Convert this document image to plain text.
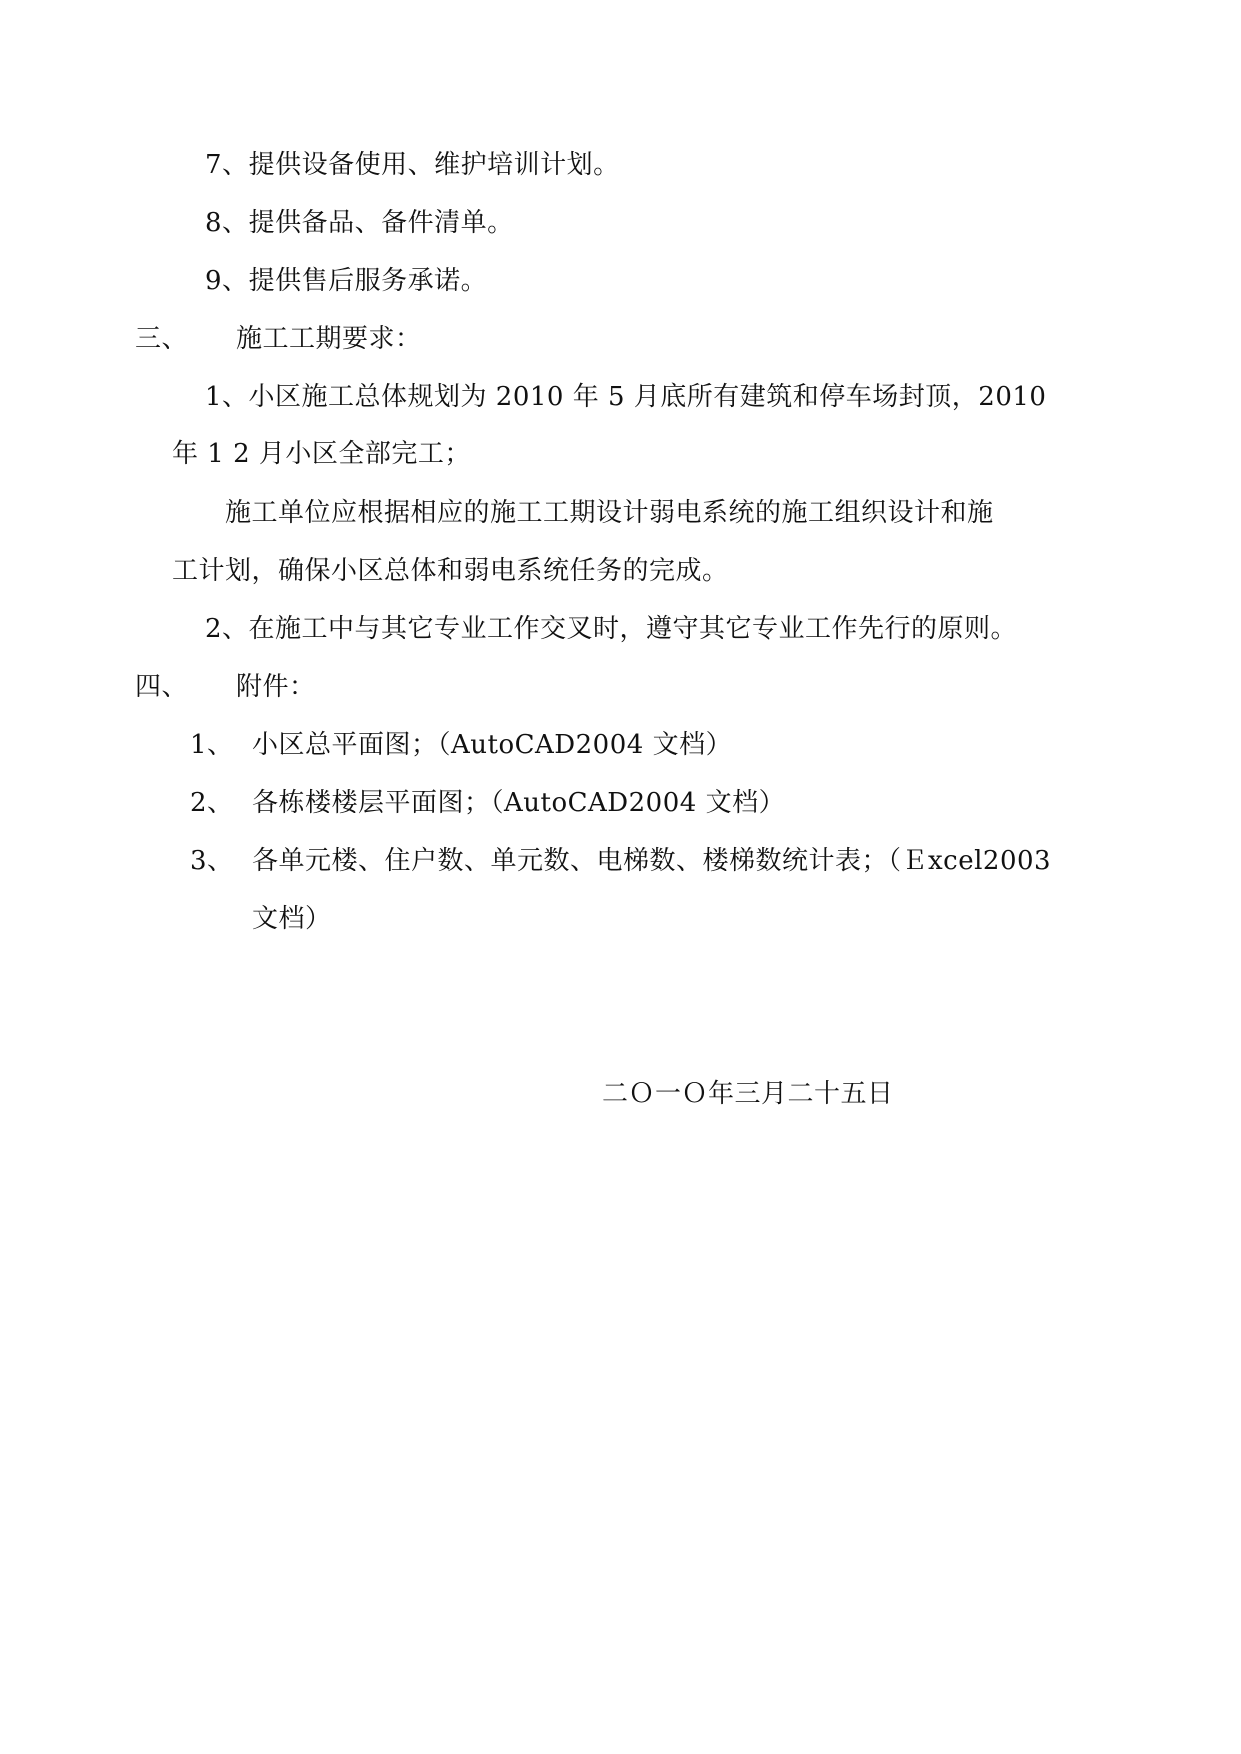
7、提供设备使用、维护培训计划。
8、提供备品、备件清单。
9、提供售后服务承诺。
三、 施工工期要求：
1、小区施工总体规划为 2010 年 5 月底所有建筑和停车场封顶，2010
年 1 2 月小区全部完工；
施工单位应根据相应的施工工期设计弱电系统的施工组织设计和施
工计划，确保小区总体和弱电系统任务的完成。
2、在施工中与其它专业工作交叉时，遵守其它专业工作先行的原则。
四、 附件：
1、 小区总平面图；（AutoCAD2004 文档）
2、 各栋楼楼层平面图；（AutoCAD2004 文档）
3、 各单元楼、住户数、单元数、电梯数、楼梯数统计表；（Ｅxcel2003
文档）
二Ｏ一Ｏ年三月二十五日
